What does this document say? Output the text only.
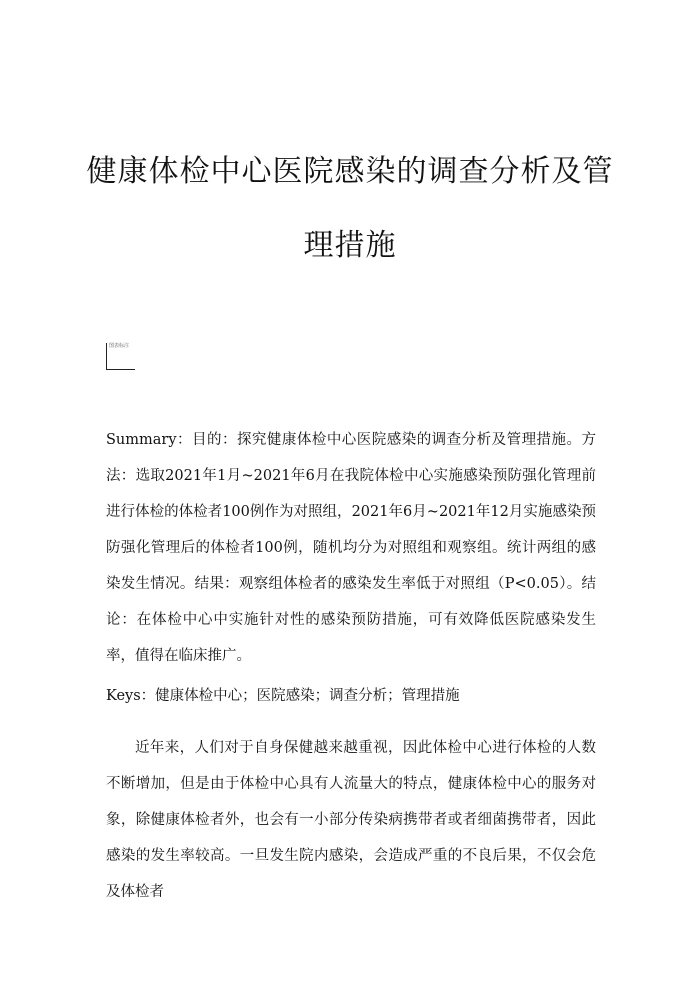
健康体检中心医院感染的调查分析及管
理措施
图表标注

Summary：目的：探究健康体检中心医院感染的调查分析及管理措施。方法：选取2021年1月~2021年6月在我院体检中心实施感染预防强化管理前进行体检的体检者100例作为对照组，2021年6月~2021年12月实施感染预防强化管理后的体检者100例，随机均分为对照组和观察组。统计两组的感染发生情况。结果：观察组体检者的感染发生率低于对照组（P<0.05）。结论：在体检中心中实施针对性的感染预防措施，可有效降低医院感染发生率，值得在临床推广。

Keys：健康体检中心；医院感染；调查分析；管理措施

近年来，人们对于自身保健越来越重视，因此体检中心进行体检的人数不断增加，但是由于体检中心具有人流量大的特点，健康体检中心的服务对象，除健康体检者外，也会有一小部分传染病携带者或者细菌携带者，因此感染的发生率较高。一旦发生院内感染，会造成严重的不良后果，不仅会危及体检者
